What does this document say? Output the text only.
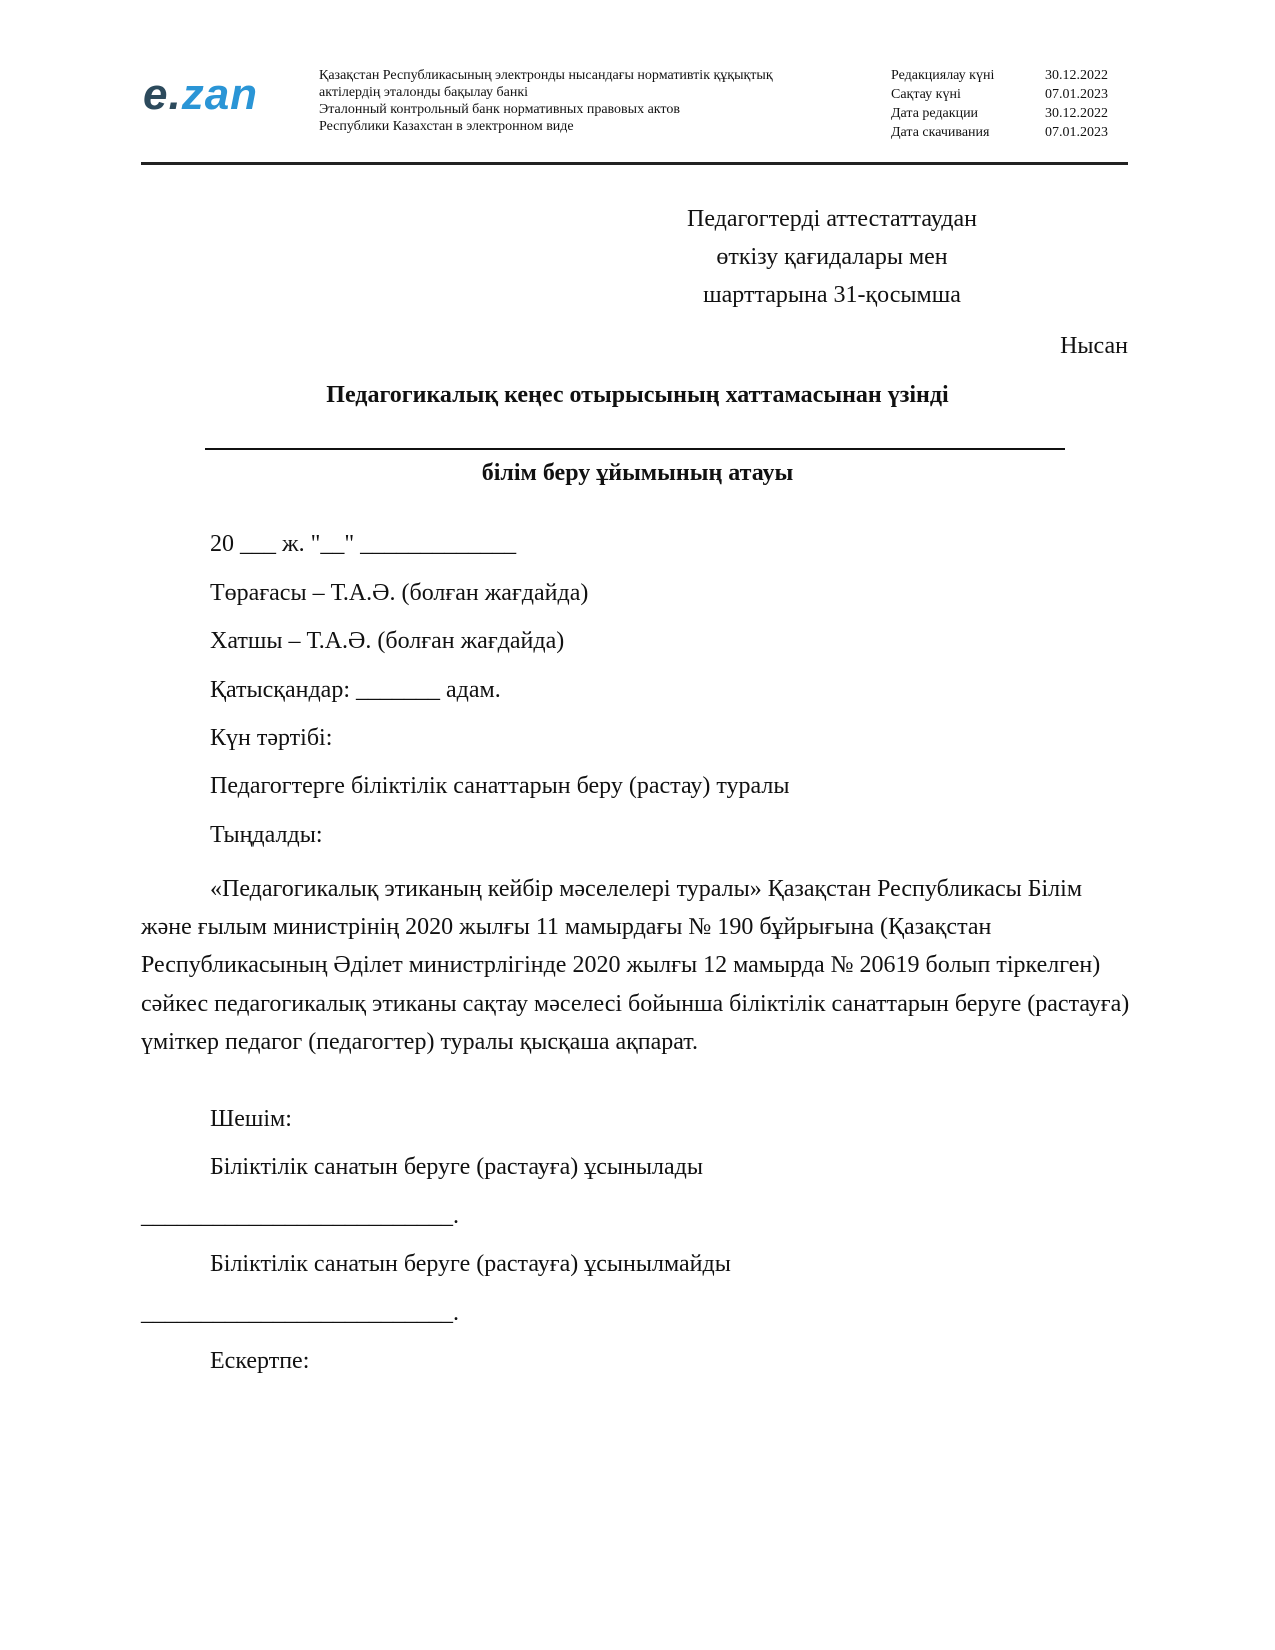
e.zan	Қазақстан Республикасының электронды нысандағы нормативтік құқықтық
актілердің эталонды бақылау банкі
Эталонный контрольный банк нормативных правовых актов
Республики Казахстан в электронном виде
Редакциялау күні	30.12.2022
Сақтау күні	07.01.2023
Дата редакции	30.12.2022
Дата скачивания	07.01.2023
Педагогтерді аттестаттаудан
өткізу қағидалары мен
шарттарына 31-қосымша
Нысан
Педагогикалық кеңес отырысының хаттамасынан үзінді
білім беру ұйымының атауы
20 ___ ж. "__" _____________
Төрағасы – Т.А.Ә. (болған жағдайда)
Хатшы – Т.А.Ә. (болған жағдайда)
Қатысқандар: _______ адам.
Күн тәртібі:
Педагогтерге біліктілік санаттарын беру (растау) туралы
Тыңдалды:
«Педагогикалық этиканың кейбір мәселелері туралы» Қазақстан Республикасы Білім және ғылым министрінің 2020 жылғы 11 мамырдағы № 190 бұйрығына (Қазақстан Республикасының Әділет министрлігінде 2020 жылғы 12 мамырда № 20619 болып тіркелген) сәйкес педагогикалық этиканы сақтау мәселесі бойынша біліктілік санаттарын беруге (растауға) үміткер педагог (педагогтер) туралы қысқаша ақпарат.
Шешім:
Біліктілік санатын беруге (растауға) ұсынылады
__________________________.
Біліктілік санатын беруге (растауға) ұсынылмайды
__________________________.
Ескертпе:
